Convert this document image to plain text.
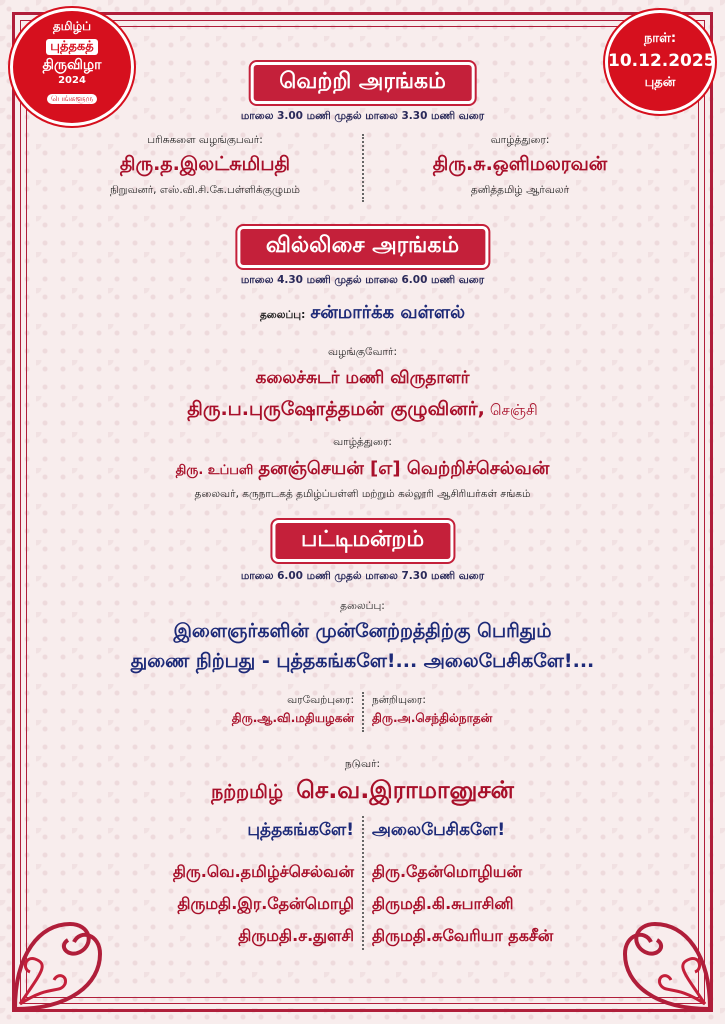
தமிழ்ப்
புத்தகத்
திருவிழா
2024
பெங்களூரு
நாள்:
10.12.2025
புதன்
வெற்றி அரங்கம்
மாலை 3.00 மணி முதல் மாலை 3.30 மணி வரை
பரிசுகளை வழங்குபவர்:
திரு.த.இலட்சுமிபதி
நிறுவனர், எஸ்.வி.சி.கே.பள்ளிக்குழுமம்
வாழ்த்துரை:
திரு.சு.ஒளிமலரவன்
தனித்தமிழ் ஆர்வலர்
வில்லிசை அரங்கம்
மாலை 4.30 மணி முதல் மாலை 6.00 மணி வரை
தலைப்பு: சன்மார்க்க வள்ளல்
வழங்குவோர்:
கலைச்சுடர் மணி விருதாளர்
திரு.ப.புருஷோத்தமன் குழுவினர், செஞ்சி
வாழ்த்துரை:
திரு. உப்பளி தனஞ்செயன் [எ] வெற்றிச்செல்வன்
தலைவர், கருநாடகத் தமிழ்ப்பள்ளி மற்றும் கல்லூரி ஆசிரியர்கள் சங்கம்
பட்டிமன்றம்
மாலை 6.00 மணி முதல் மாலை 7.30 மணி வரை
தலைப்பு:
இளைஞர்களின் முன்னேற்றத்திற்கு பெரிதும்
துணை நிற்பது - புத்தகங்களே!... அலைபேசிகளே!...
வரவேற்புரை:
திரு.ஆ.வி.மதியழகன்
நன்றியுரை:
திரு.அ.செந்தில்நாதன்
நடுவர்:
நற்றமிழ் செ.வ.இராமானுசன்
புத்தகங்களே! அலைபேசிகளே!
திரு.வெ.தமிழ்ச்செல்வன்
திருமதி.இர.தேன்மொழி
திருமதி.ச.துளசி
திரு.தேன்மொழியன்
திருமதி.கி.சுபாசினி
திருமதி.சுவேரியா தகசீன்
